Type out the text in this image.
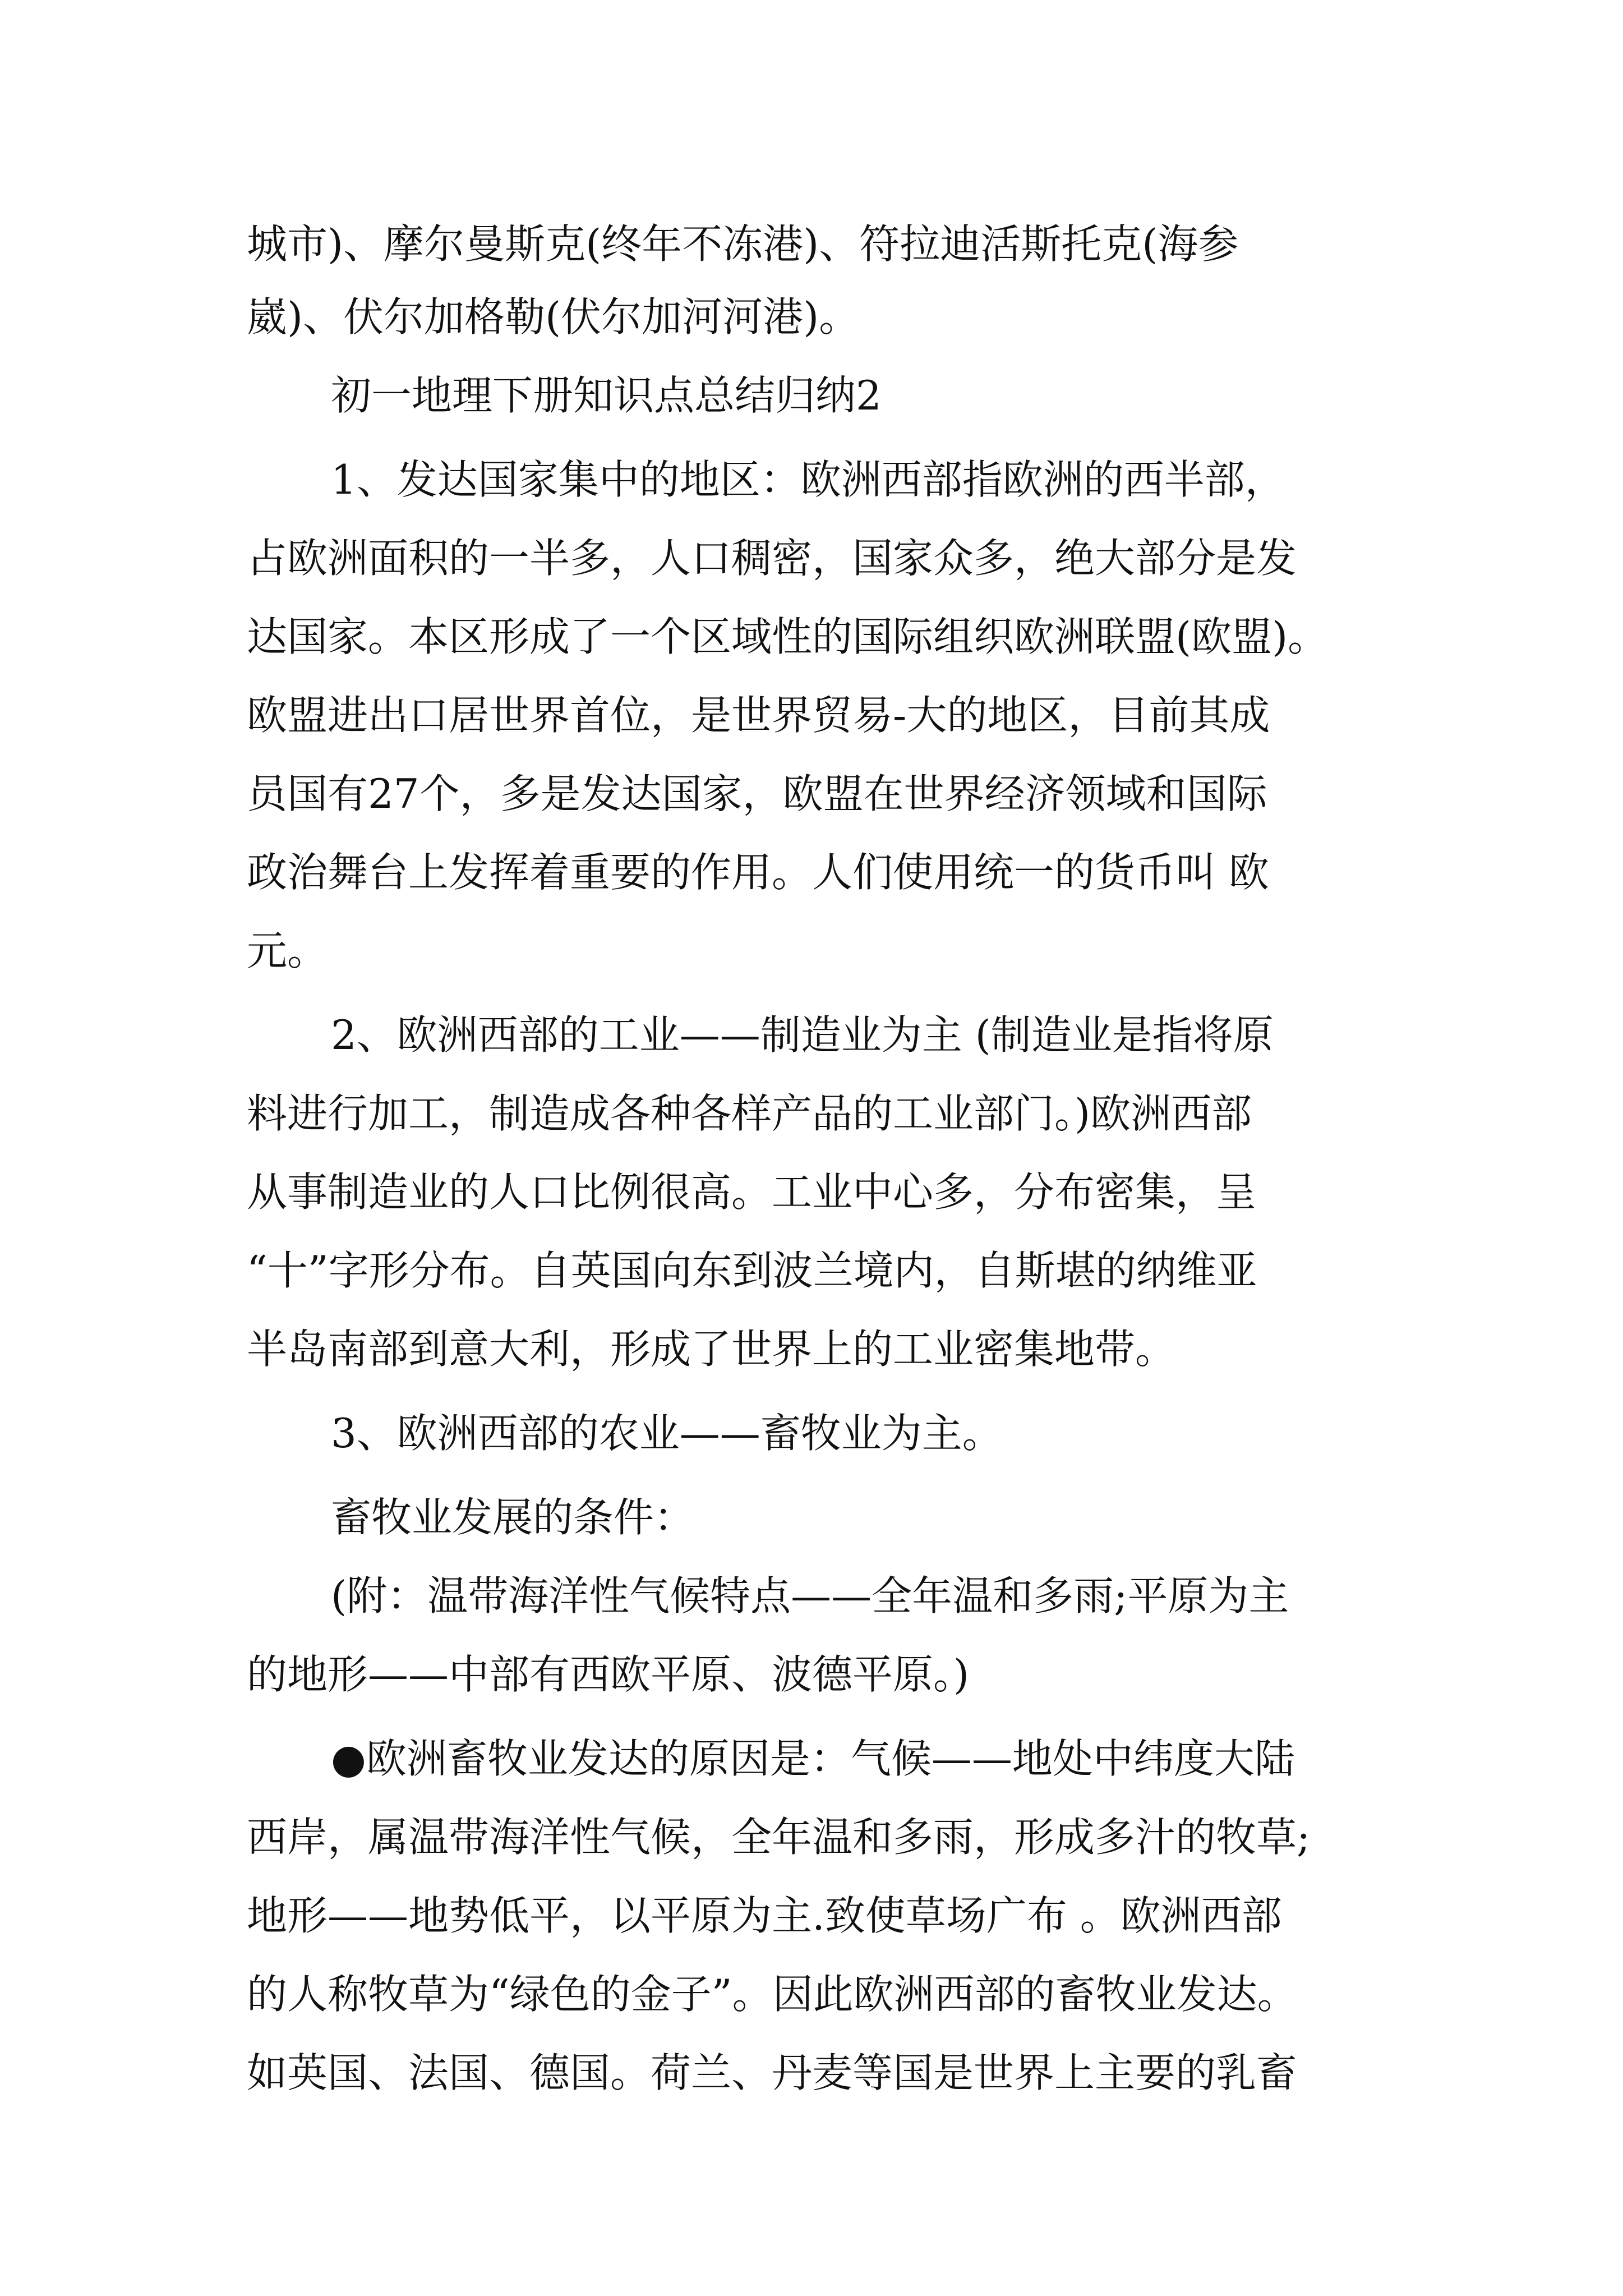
城市)、摩尔曼斯克(终年不冻港)、符拉迪活斯托克(海参
崴)、伏尔加格勒(伏尔加河河港)。
初一地理下册知识点总结归纳2
1、发达国家集中的地区：欧洲西部指欧洲的西半部，
占欧洲面积的一半多，人口稠密，国家众多，绝大部分是发
达国家。本区形成了一个区域性的国际组织欧洲联盟(欧盟)。
欧盟进出口居世界首位，是世界贸易-大的地区，目前其成
员国有27个，多是发达国家，欧盟在世界经济领域和国际
政治舞台上发挥着重要的作用。人们使用统一的货币叫 欧
元。
2、欧洲西部的工业——制造业为主 (制造业是指将原
料进行加工，制造成各种各样产品的工业部门。)欧洲西部
从事制造业的人口比例很高。工业中心多，分布密集，呈
“十”字形分布。自英国向东到波兰境内，自斯堪的纳维亚
半岛南部到意大利，形成了世界上的工业密集地带。
3、欧洲西部的农业——畜牧业为主。
畜牧业发展的条件：
(附：温带海洋性气候特点——全年温和多雨;平原为主
的地形——中部有西欧平原、波德平原。)
●欧洲畜牧业发达的原因是：气候——地处中纬度大陆
西岸，属温带海洋性气候，全年温和多雨，形成多汁的牧草;
地形——地势低平，以平原为主.致使草场广布 。欧洲西部
的人称牧草为“绿色的金子”。因此欧洲西部的畜牧业发达。
如英国、法国、德国。荷兰、丹麦等国是世界上主要的乳畜
